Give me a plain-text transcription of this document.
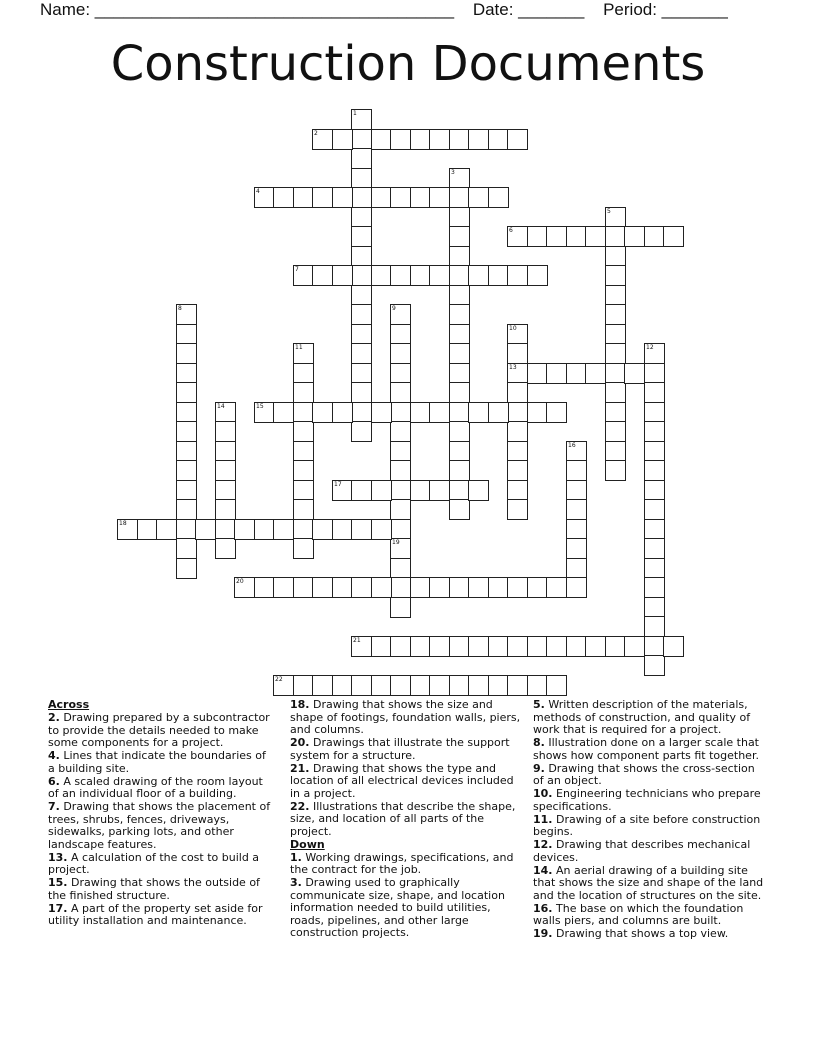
Name: ______________________________________ Date: _______ Period: _______
Construction Documents
1
2
3
4
5
6
7
8	9
19
10
13
11	12
14	15
16
17
18
20
21
22
Across
2. Drawing prepared by a subcontractor to provide the details needed to make some components for a project.
4. Lines that indicate the boundaries of a building site.
6. A scaled drawing of the room layout of an individual floor of a building.
7. Drawing that shows the placement of trees, shrubs, fences, driveways, sidewalks, parking lots, and other landscape features.
13. A calculation of the cost to build a project.
15. Drawing that shows the outside of the finished structure.
17. A part of the property set aside for utility installation and maintenance.
18. Drawing that shows the size and shape of footings, foundation walls, piers, and columns.
20. Drawings that illustrate the support system for a structure.
21. Drawing that shows the type and location of all electrical devices included in a project.
22. Illustrations that describe the shape, size, and location of all parts of the project.
Down
1. Working drawings, specifications, and the contract for the job.
3. Drawing used to graphically communicate size, shape, and location information needed to build utilities, roads, pipelines, and other large construction projects.
5. Written description of the materials, methods of construction, and quality of work that is required for a project.
8. Illustration done on a larger scale that shows how component parts fit together.
9. Drawing that shows the cross-section of an object.
10. Engineering technicians who prepare specifications.
11. Drawing of a site before construction begins.
12. Drawing that describes mechanical devices.
14. An aerial drawing of a building site that shows the size and shape of the land and the location of structures on the site.
16. The base on which the foundation walls piers, and columns are built.
19. Drawing that shows a top view.
